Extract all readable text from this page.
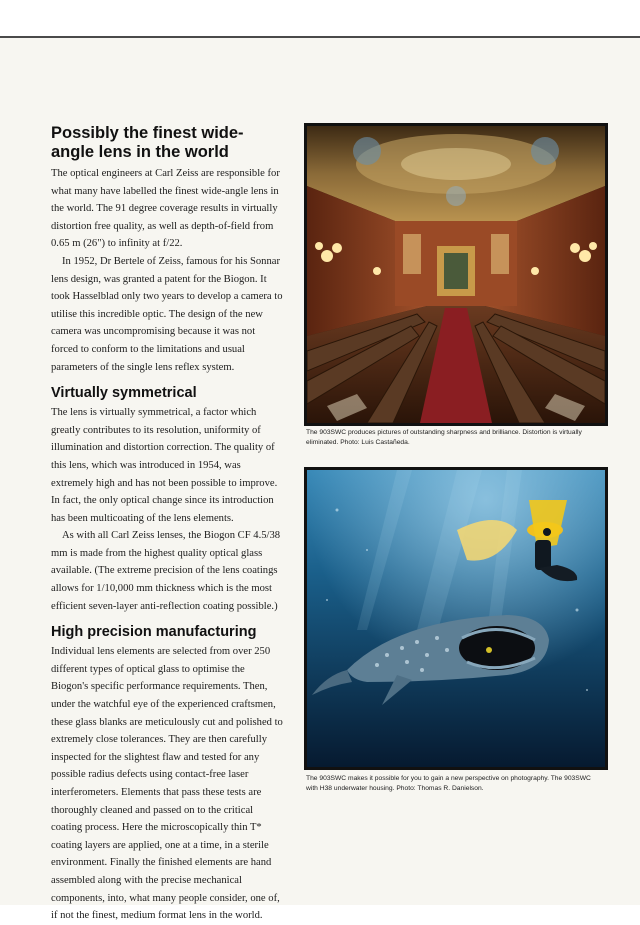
Possibly the finest wide-angle lens in the world

The optical engineers at Carl Zeiss are responsible for what many have labelled the finest wide-angle lens in the world. The 91 degree coverage results in virtually distortion free quality, as well as depth-of-field from 0.65 m (26") to infinity at f/22.

In 1952, Dr Bertele of Zeiss, famous for his Sonnar lens design, was granted a patent for the Biogon. It took Hasselblad only two years to develop a camera to utilise this incredible optic. The design of the new camera was uncompromising because it was not forced to conform to the limitations and usual parameters of the single lens reflex system.

Virtually symmetrical

The lens is virtually symmetrical, a factor which greatly contributes to its resolution, uniformity of illumination and distortion correction. The quality of this lens, which was introduced in 1954, was extremely high and has not been possible to improve. In fact, the only optical change since its introduction has been multicoating of the lens elements.

As with all Carl Zeiss lenses, the Biogon CF 4.5/38 mm is made from the highest quality optical glass available. (The extreme precision of the lens coatings allows for 1/10,000 mm thickness which is the most efficient seven-layer anti-reflection coating possible.)

High precision manufacturing

Individual lens elements are selected from over 250 different types of optical glass to optimise the Biogon's specific performance requirements. Then, under the watchful eye of the experienced craftsmen, these glass blanks are meticulously cut and polished to extremely close tolerances. They are then carefully inspected for the slightest flaw and tested for any possible radius defects using contact-free laser interferometers. Elements that pass these tests are thoroughly cleaned and passed on to the critical coating process. Here the microscopically thin T* coating layers are applied, one at a time, in a sterile environment. Finally the finished elements are hand assembled along with the precise mechanical components, into, what many people consider, one of, if not the finest, medium format lens in the world.

The 903SWC produces pictures of outstanding sharpness and brilliance. Distortion is virtually eliminated. Photo: Luis Castañeda.
The 903SWC makes it possible for you to gain a new perspective on photography. The 903SWC with H38 underwater housing. Photo: Thomas R. Danielson.
